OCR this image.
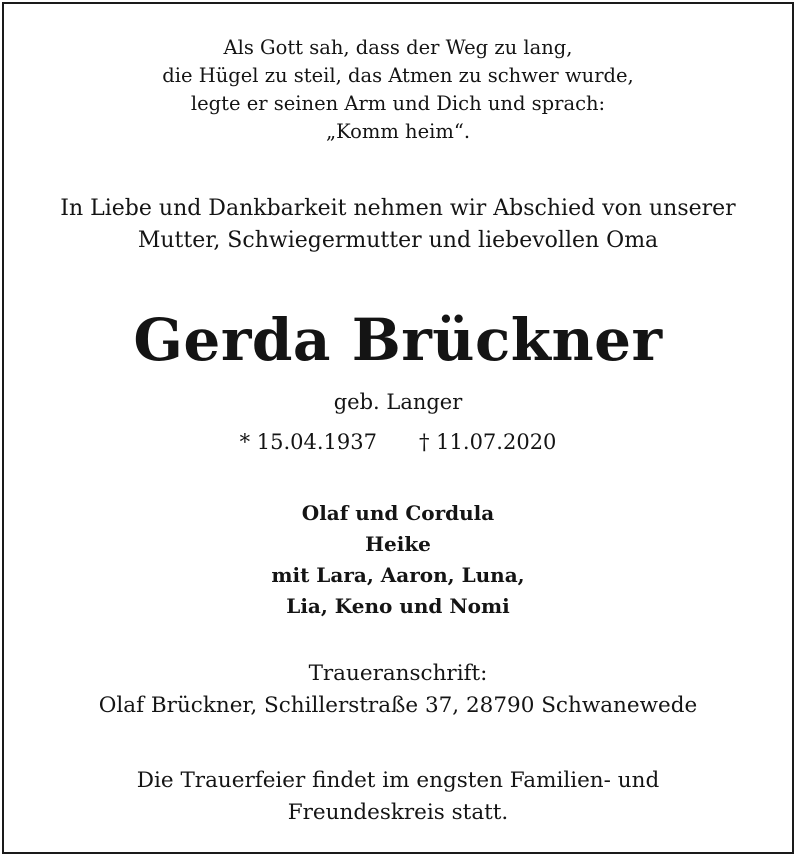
Als Gott sah, dass der Weg zu lang,
die Hügel zu steil, das Atmen zu schwer wurde,
legte er seinen Arm und Dich und sprach:
„Komm heim“.
In Liebe und Dankbarkeit nehmen wir Abschied von unserer
Mutter, Schwiegermutter und liebevollen Oma
Gerda Brückner
geb. Langer
* 15.04.1937 † 11.07.2020
Olaf und Cordula
Heike
mit Lara, Aaron, Luna,
Lia, Keno und Nomi
Traueranschrift:
Olaf Brückner, Schillerstraße 37, 28790 Schwanewede
Die Trauerfeier findet im engsten Familien- und
Freundeskreis statt.
